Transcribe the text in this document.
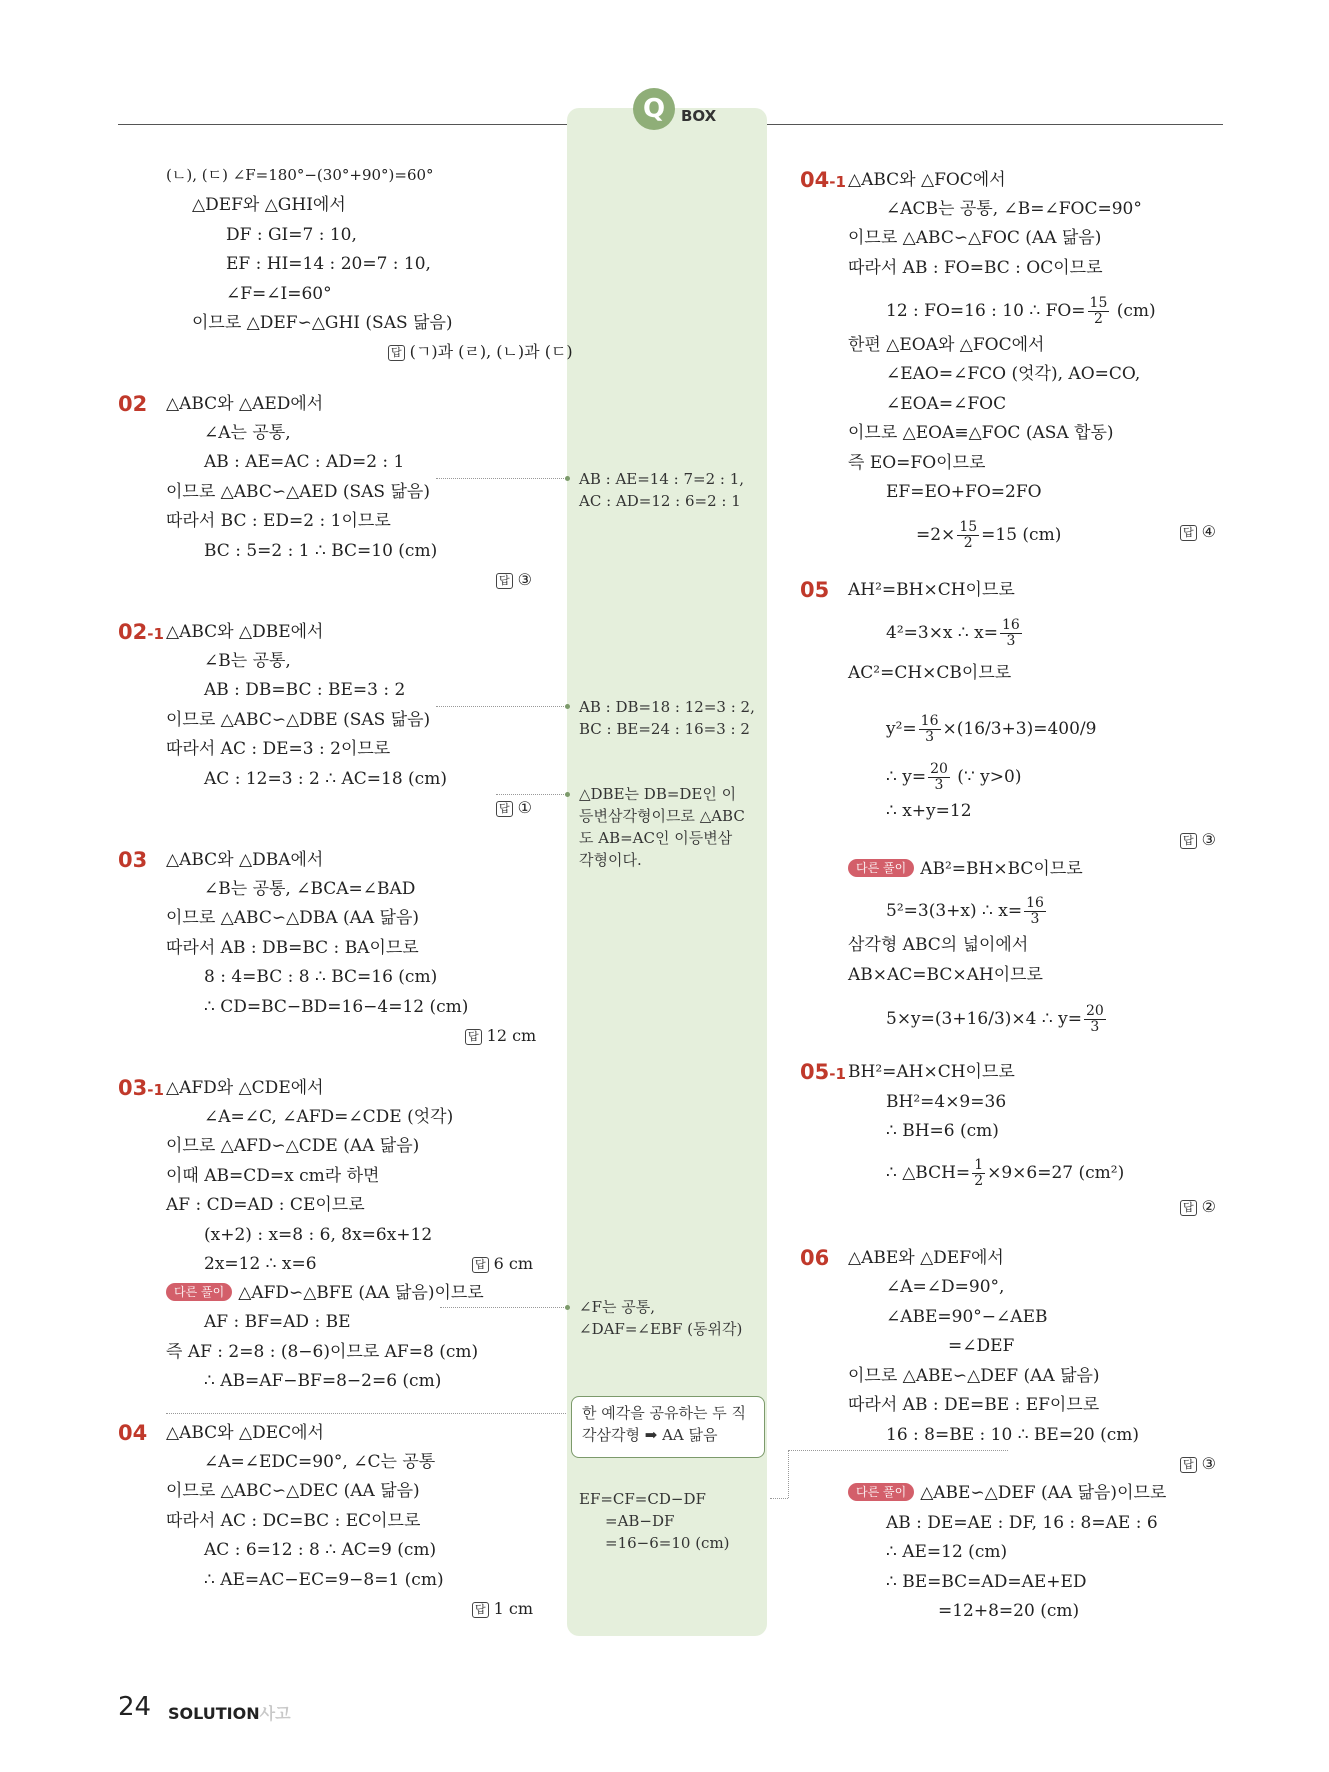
Q	BOX
(ㄴ), (ㄷ) ∠F=180°−(30°+90°)=60°
△DEF와 △GHI에서
DF : GI=7 : 10,
EF : HI=14 : 20=7 : 10,
∠F=∠I=60°
이므로 △DEF∽△GHI (SAS 닮음)
답 (ㄱ)과 (ㄹ), (ㄴ)과 (ㄷ)
02 △ABC와 △AED에서
∠A는 공통,
AB : AE=AC : AD=2 : 1
이므로 △ABC∽△AED (SAS 닮음)
따라서 BC : ED=2 : 1이므로
BC : 5=2 : 1 ∴ BC=10 (cm)
답 ③
02-1 △ABC와 △DBE에서
∠B는 공통,
AB : DB=BC : BE=3 : 2
이므로 △ABC∽△DBE (SAS 닮음)
따라서 AC : DE=3 : 2이므로
AC : 12=3 : 2 ∴ AC=18 (cm)
답 ①
03 △ABC와 △DBA에서
∠B는 공통, ∠BCA=∠BAD
이므로 △ABC∽△DBA (AA 닮음)
따라서 AB : DB=BC : BA이므로
8 : 4=BC : 8 ∴ BC=16 (cm)
∴ CD=BC−BD=16−4=12 (cm)
답 12 cm
03-1 △AFD와 △CDE에서
∠A=∠C, ∠AFD=∠CDE (엇각)
이므로 △AFD∽△CDE (AA 닮음)
이때 AB=CD=x cm라 하면
AF : CD=AD : CE이므로
(x+2) : x=8 : 6, 8x=6x+12
2x=12 ∴ x=6	답 6 cm
다른 풀이 △AFD∽△BFE (AA 닮음)이므로
AF : BF=AD : BE
즉 AF : 2=8 : (8−6)이므로 AF=8 (cm)
∴ AB=AF−BF=8−2=6 (cm)
04 △ABC와 △DEC에서
∠A=∠EDC=90°, ∠C는 공통
이므로 △ABC∽△DEC (AA 닮음)
따라서 AC : DC=BC : EC이므로
AC : 6=12 : 8 ∴ AC=9 (cm)
∴ AE=AC−EC=9−8=1 (cm)
답 1 cm
AB : AE=14 : 7=2 : 1,
AC : AD=12 : 6=2 : 1
AB : DB=18 : 12=3 : 2,
BC : BE=24 : 16=3 : 2
△DBE는 DB=DE인 이
등변삼각형이므로 △ABC
도 AB=AC인 이등변삼
각형이다.
∠F는 공통,
∠DAF=∠EBF (동위각)
한 예각을 공유하는 두 직
각삼각형 ➡ AA 닮음
EF=CF=CD−DF
=AB−DF
=16−6=10 (cm)
04-1 △ABC와 △FOC에서
∠ACB는 공통, ∠B=∠FOC=90°
이므로 △ABC∽△FOC (AA 닮음)
따라서 AB : FO=BC : OC이므로
12 : FO=16 : 10 ∴ $FO= \frac{15}{2} (cm)$
한편 △EOA와 △FOC에서
∠EAO=∠FCO (엇각), AO=CO,
∠EOA=∠FOC
이므로 △EOA≡△FOC (ASA 합동)
즉 EO=FO이므로
EF=EO+FO=2FO
$=2\times \frac{15}{2} =15$ (cm)	답 ④
05 AH²=BH×CH이므로
4²=3×x ∴ $x= \frac{16}{3}$
AC²=CH×CB이므로
$y^2= \frac{16}{3} \times(16/3+3)=400/9$
∴ $y= \frac{20}{3}$ (∵ y>0)
∴ x+y=12
답 ③
다른 풀이 AB²=BH×BC이므로
5²=3(3+x) ∴ $x= \frac{16}{3}$
삼각형 ABC의 넓이에서
AB×AC=BC×AH이므로
5×y=(3+16/3)×4 ∴ $y= \frac{20}{3}$
05-1 BH²=AH×CH이므로
BH²=4×9=36
∴ BH=6 (cm)
∴ △BCH= $\frac{1}{2} \times 9\times 6=27$ (cm²)
답 ②
06 △ABE와 △DEF에서
∠A=∠D=90°,
∠ABE=90°−∠AEB
=∠DEF
이므로 △ABE∽△DEF (AA 닮음)
따라서 AB : DE=BE : EF이므로
16 : 8=BE : 10 ∴ BE=20 (cm)
답 ③
다른 풀이 △ABE∽△DEF (AA 닮음)이므로
AB : DE=AE : DF, 16 : 8=AE : 6
∴ AE=12 (cm)
∴ BE=BC=AD=AE+ED
=12+8=20 (cm)
24 SOLUTION사고
